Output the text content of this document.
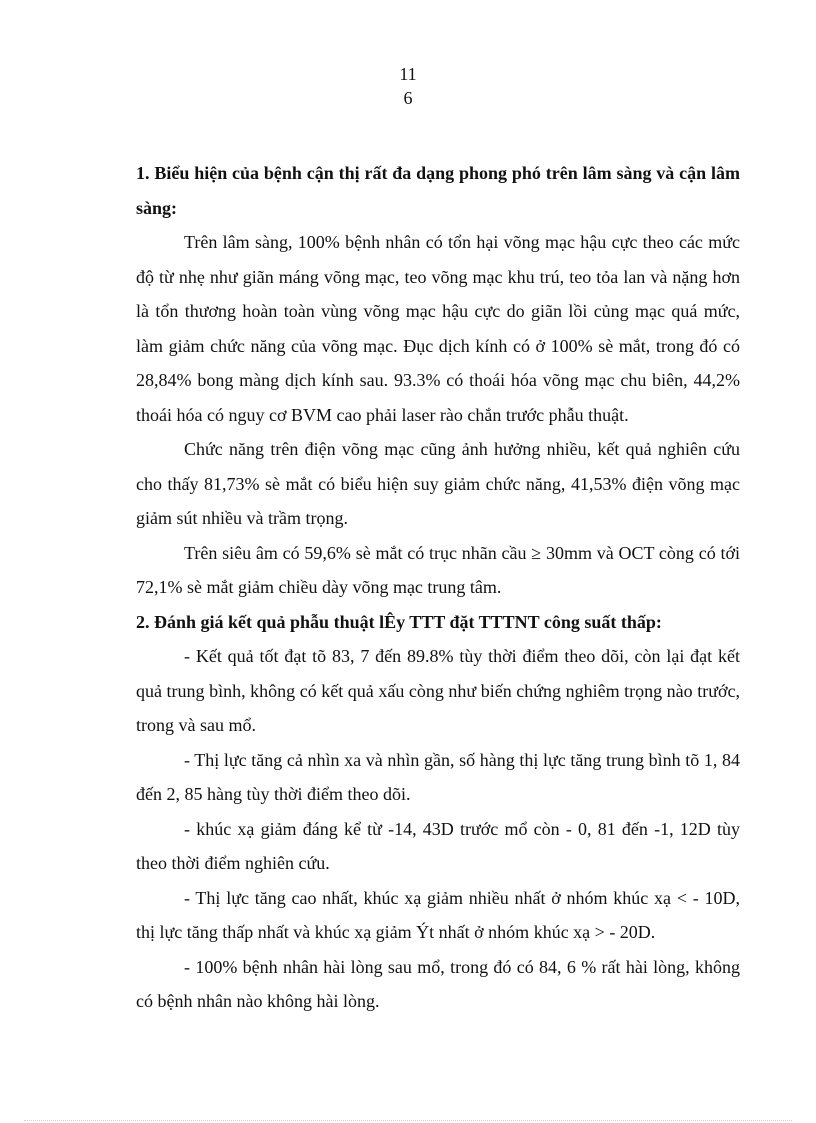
11
6

1. Biểu hiện của bệnh cận thị rất đa dạng phong phó trên lâm sàng và cận lâm sàng:

Trên lâm sàng, 100% bệnh nhân có tổn hại võng mạc hậu cực theo các mức độ từ nhẹ như giãn máng võng mạc, teo võng mạc khu trú, teo tỏa lan và nặng hơn là tổn thương hoàn toàn vùng võng mạc hậu cực do giãn lồi củng mạc quá mức, làm giảm chức năng của võng mạc. Đục dịch kính có ở 100% sè mắt, trong đó có 28,84% bong màng dịch kính sau. 93.3% có thoái hóa võng mạc chu biên, 44,2% thoái hóa có nguy cơ BVM cao phải laser rào chắn trước phẫu thuật.

Chức năng trên điện võng mạc cũng ảnh hưởng nhiều, kết quả nghiên cứu cho thấy 81,73% sè mắt có biểu hiện suy giảm chức năng, 41,53% điện võng mạc giảm sút nhiều và trầm trọng.

Trên siêu âm có 59,6% sè mắt có trục nhãn cầu ≥ 30mm và OCT còng có tới 72,1% sè mắt giảm chiều dày võng mạc trung tâm.

2. Đánh giá kết quả phẫu thuật lÊy TTT đặt TTTNT công suất thấp:

- Kết quả tốt đạt tõ 83, 7 đến 89.8% tùy thời điểm theo dõi, còn lại đạt kết quả trung bình, không có kết quả xấu còng như biến chứng nghiêm trọng nào trước, trong và sau mổ.

- Thị lực tăng cả nhìn xa và nhìn gần, số hàng thị lực tăng trung bình tõ 1, 84 đến 2, 85 hàng tùy thời điểm theo dõi.

- khúc xạ giảm đáng kể từ -14, 43D trước mổ còn - 0, 81 đến -1, 12D tùy theo thời điểm nghiên cứu.

- Thị lực tăng cao nhất, khúc xạ giảm nhiều nhất ở nhóm khúc xạ < - 10D, thị lực tăng thấp nhất và khúc xạ giảm Ýt nhất ở nhóm khúc xạ > - 20D.

- 100% bệnh nhân hài lòng sau mổ, trong đó có 84, 6 % rất hài lòng, không có bệnh nhân nào không hài lòng.
